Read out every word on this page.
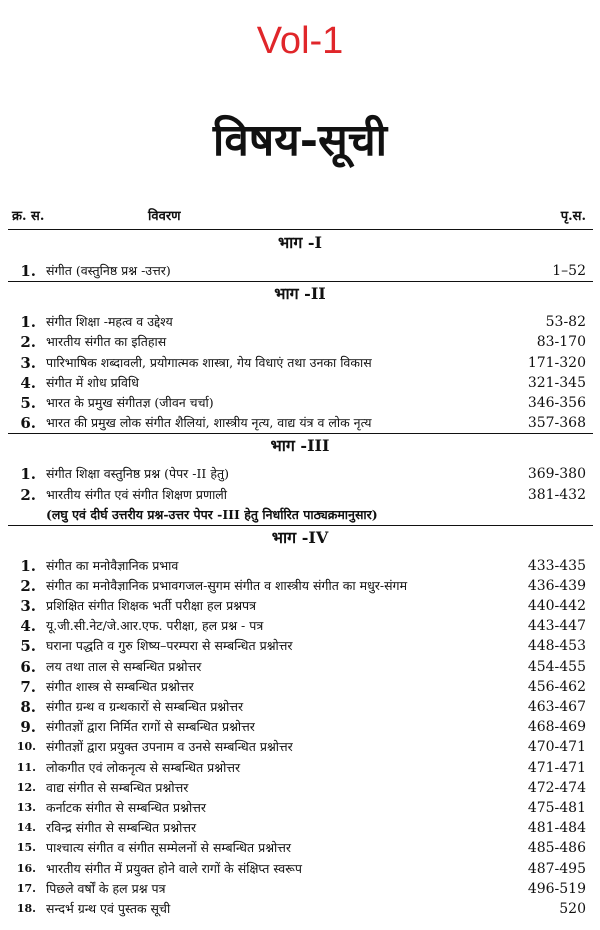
Vol-1
विषय-सूची
क्र. स.	विवरण	पृ.स.
भाग -I
1. संगीत (वस्तुनिष्ठ प्रश्न -उत्तर)	1–52
भाग -II
1. संगीत शिक्षा -महत्व व उद्देश्य	53-82
2. भारतीय संगीत का इतिहास	83-170
3. पारिभाषिक शब्दावली, प्रयोगात्मक शास्त्रा, गेय विधाएं तथा उनका विकास	171-320
4. संगीत में शोध प्रविधि	321-345
5. भारत के प्रमुख संगीतज्ञ (जीवन चर्चा)	346-356
6. भारत की प्रमुख लोक संगीत शैलियां, शास्त्रीय नृत्य, वाद्य यंत्र व लोक नृत्य	357-368
भाग -III
1. संगीत शिक्षा वस्तुनिष्ठ प्रश्न (पेपर -II हेतु)	369-380
2. भारतीय संगीत एवं संगीत शिक्षण प्रणाली	381-432
(लघु एवं दीर्घ उत्तरीय प्रश्न-उत्तर पेपर -III हेतु निर्धारित पाठ्यक्रमानुसार)
भाग -IV
1. संगीत का मनोवैज्ञानिक प्रभाव	433-435
2. संगीत का मनोवैज्ञानिक प्रभावगजल-सुगम संगीत व शास्त्रीय संगीत का मधुर-संगम	436-439
3. प्रशिक्षित संगीत शिक्षक भर्ती परीक्षा हल प्रश्नपत्र	440-442
4. यू.जी.सी.नेट/जे.आर.एफ. परीक्षा, हल प्रश्न - पत्र	443-447
5. घराना पद्धति व गुरु शिष्य–परम्परा से सम्बन्धित प्रश्नोत्तर	448-453
6. लय तथा ताल से सम्बन्धित प्रश्नोत्तर	454-455
7. संगीत शास्त्र से सम्बन्धित प्रश्नोत्तर	456-462
8. संगीत ग्रन्थ व ग्रन्थकारों से सम्बन्धित प्रश्नोत्तर	463-467
9. संगीतज्ञों द्वारा निर्मित रागों से सम्बन्धित प्रश्नोत्तर	468-469
10. संगीतज्ञों द्वारा प्रयुक्त उपनाम व उनसे सम्बन्धित प्रश्नोत्तर	470-471
11. लोकगीत एवं लोकनृत्य से सम्बन्धित प्रश्नोत्तर	471-471
12. वाद्य संगीत से सम्बन्धित प्रश्नोत्तर	472-474
13. कर्नाटक संगीत से सम्बन्धित प्रश्नोत्तर	475-481
14. रविन्द्र संगीत से सम्बन्धित प्रश्नोत्तर	481-484
15. पाश्चात्य संगीत व संगीत सम्मेलनों से सम्बन्धित प्रश्नोत्तर	485-486
16. भारतीय संगीत में प्रयुक्त होने वाले रागों के संक्षिप्त स्वरूप	487-495
17. पिछले वर्षों के हल प्रश्न पत्र	496-519
18. सन्दर्भ ग्रन्थ एवं पुस्तक सूची	520
